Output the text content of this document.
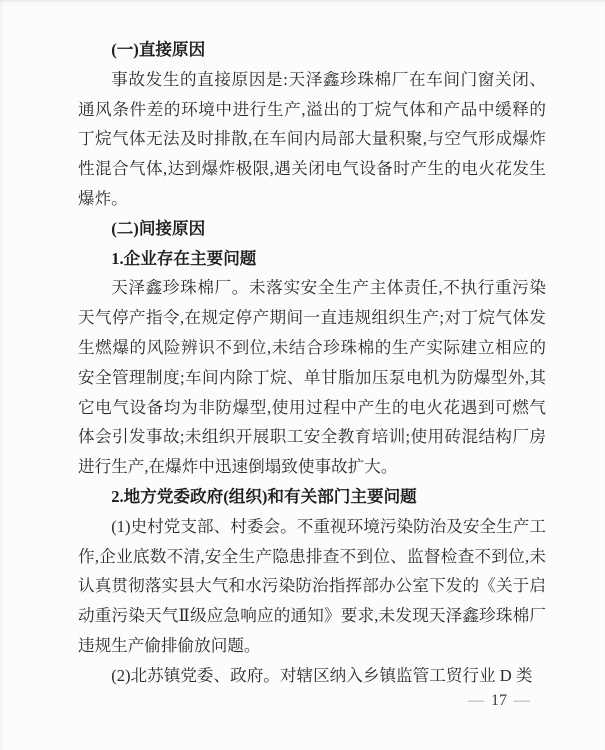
(一)直接原因

事故发生的直接原因是:天泽鑫珍珠棉厂在车间门窗关闭、通风条件差的环境中进行生产,溢出的丁烷气体和产品中缓释的丁烷气体无法及时排散,在车间内局部大量积聚,与空气形成爆炸性混合气体,达到爆炸极限,遇关闭电气设备时产生的电火花发生爆炸。

(二)间接原因
1.企业存在主要问题

天泽鑫珍珠棉厂。未落实安全生产主体责任,不执行重污染天气停产指令,在规定停产期间一直违规组织生产;对丁烷气体发生燃爆的风险辨识不到位,未结合珍珠棉的生产实际建立相应的安全管理制度;车间内除丁烷、单甘脂加压泵电机为防爆型外,其它电气设备均为非防爆型,使用过程中产生的电火花遇到可燃气体会引发事故;未组织开展职工安全教育培训;使用砖混结构厂房进行生产,在爆炸中迅速倒塌致使事故扩大。

2.地方党委政府(组织)和有关部门主要问题

(1)史村党支部、村委会。不重视环境污染防治及安全生产工作,企业底数不清,安全生产隐患排查不到位、监督检查不到位,未认真贯彻落实县大气和水污染防治指挥部办公室下发的《关于启动重污染天气Ⅱ级应急响应的通知》要求,未发现天泽鑫珍珠棉厂违规生产偷排偷放问题。

(2)北苏镇党委、政府。对辖区纳入乡镇监管工贸行业 D 类

— 17 —
